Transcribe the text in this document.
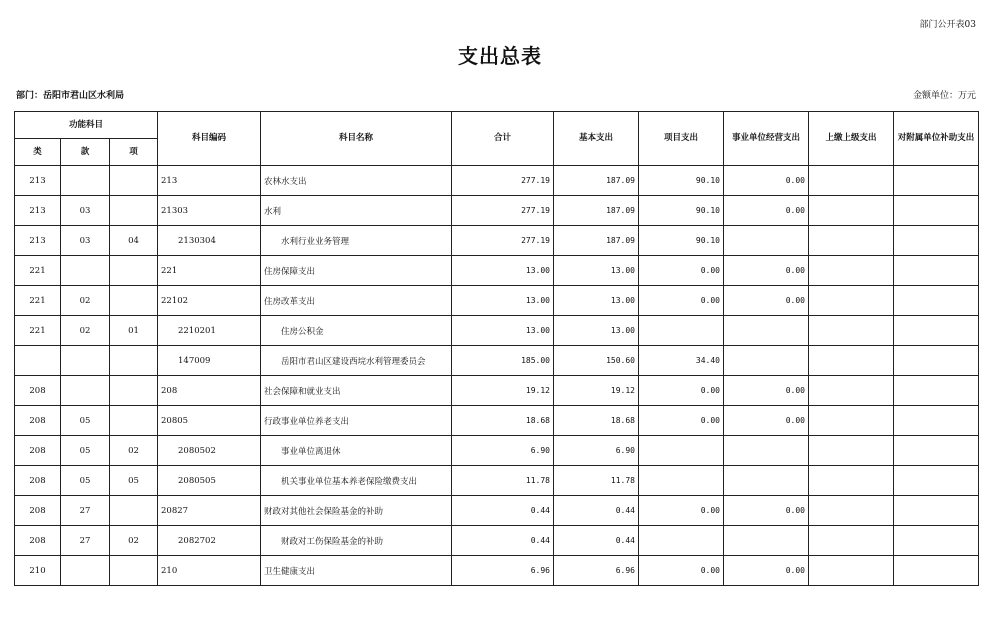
部门公开表03
支出总表
部门：岳阳市君山区水利局	金额单位：万元
功能科目			科目编码	科目名称	合计	基本支出	项目支出	事业单位经营支出	上缴上级支出	对附属单位补助支出
类	款	项								
213			213	农林水支出	277.19	187.09	90.10	0.00		
213	03		21303	水利	277.19	187.09	90.10	0.00		
213	03	04	2130304	水利行业业务管理	277.19	187.09	90.10			
221			221	住房保障支出	13.00	13.00	0.00	0.00		
221	02		22102	住房改革支出	13.00	13.00	0.00	0.00		
221	02	01	2210201	住房公积金	13.00	13.00				
			147009	岳阳市君山区建设西垸水利管理委员会	185.00	150.60	34.40			
208			208	社会保障和就业支出	19.12	19.12	0.00	0.00		
208	05		20805	行政事业单位养老支出	18.68	18.68	0.00	0.00		
208	05	02	2080502	事业单位离退休	6.90	6.90				
208	05	05	2080505	机关事业单位基本养老保险缴费支出	11.78	11.78				
208	27		20827	财政对其他社会保险基金的补助	0.44	0.44	0.00	0.00		
208	27	02	2082702	财政对工伤保险基金的补助	0.44	0.44				
210			210	卫生健康支出	6.96	6.96	0.00	0.00		
